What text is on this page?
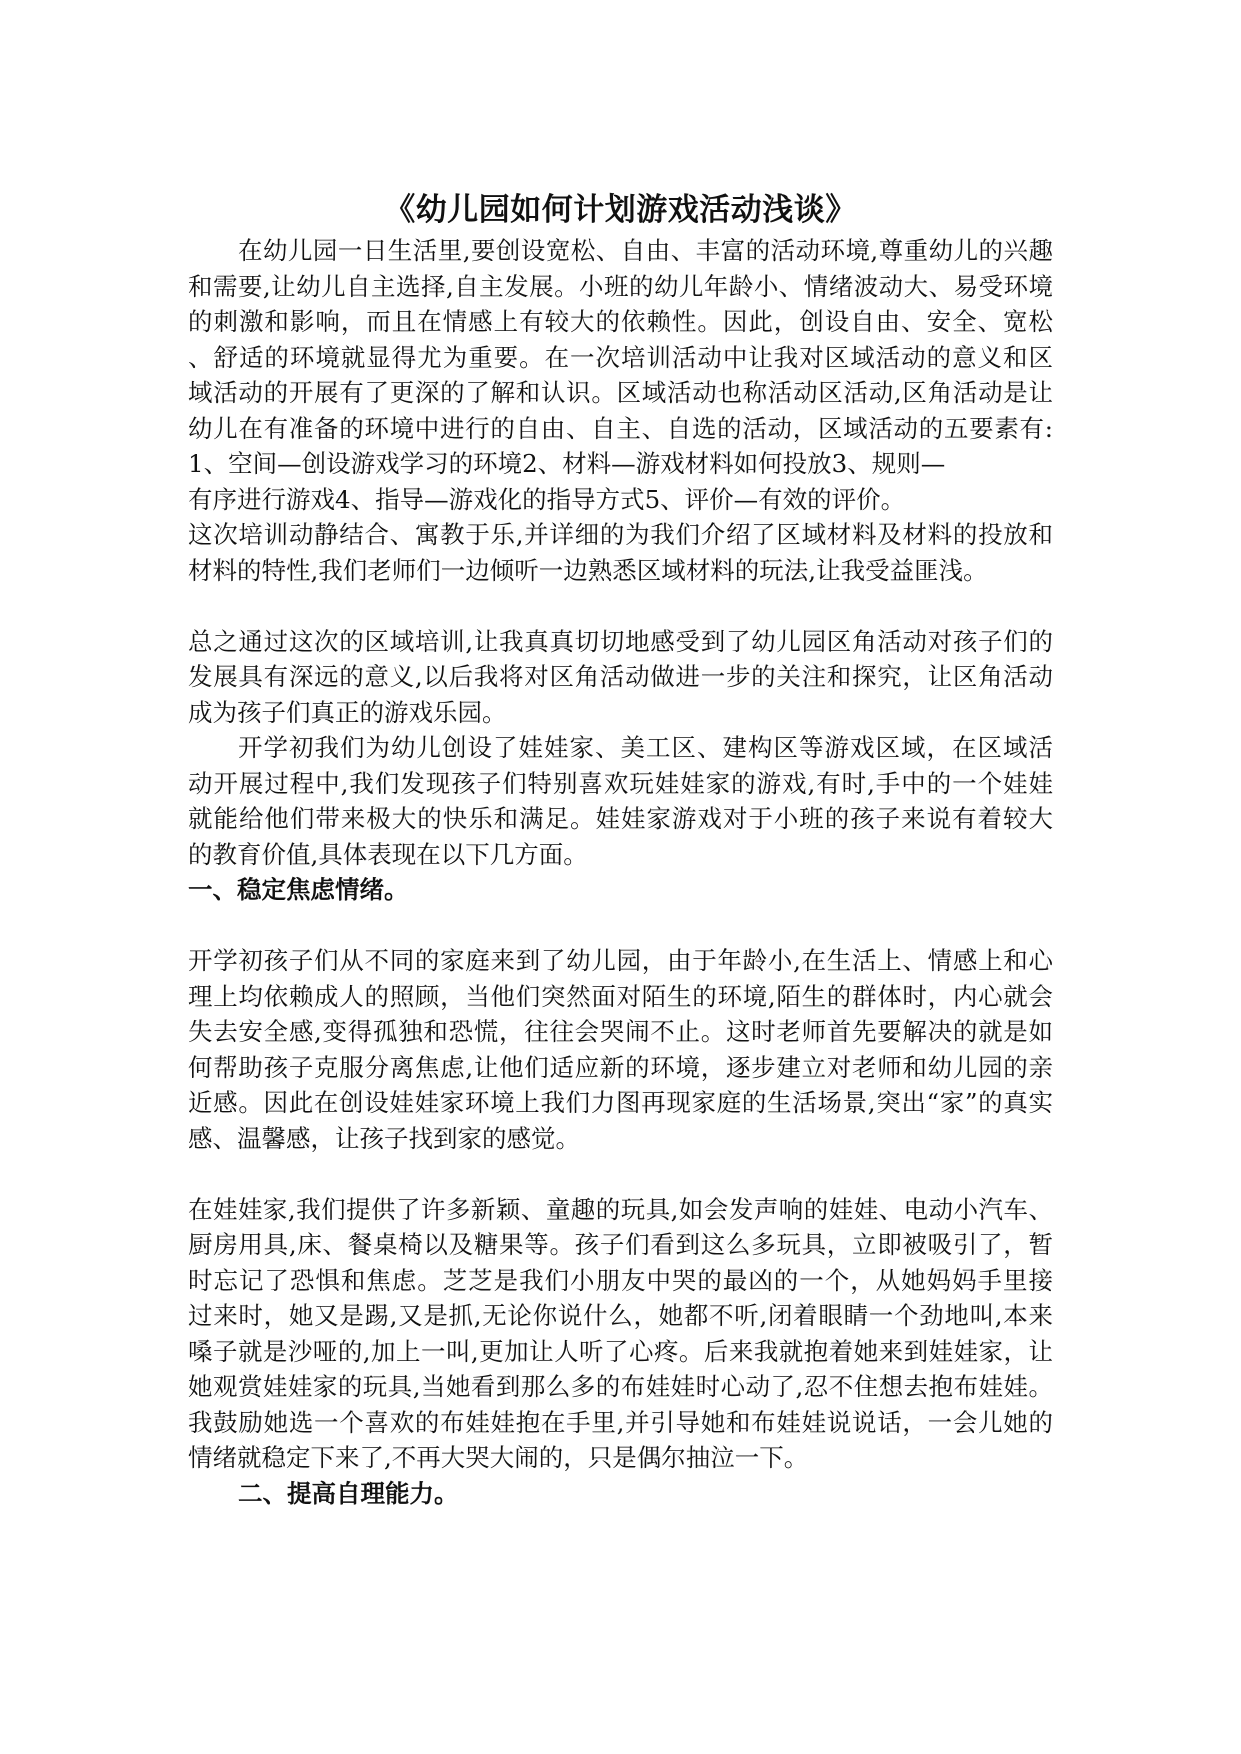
《幼儿园如何计划游戏活动浅谈》
在幼儿园一日生活里,要创设宽松、自由、丰富的活动环境,尊重幼儿的兴趣
和需要,让幼儿自主选择,自主发展。小班的幼儿年龄小、情绪波动大、易受环境
的刺激和影响，而且在情感上有较大的依赖性。因此，创设自由、安全、宽松
、舒适的环境就显得尤为重要。在一次培训活动中让我对区域活动的意义和区
域活动的开展有了更深的了解和认识。区域活动也称活动区活动,区角活动是让
幼儿在有准备的环境中进行的自由、自主、自选的活动，区域活动的五要素有:
1、空间—创设游戏学习的环境2、材料—游戏材料如何投放3、规则—
有序进行游戏4、指导—游戏化的指导方式5、评价—有效的评价。
这次培训动静结合、寓教于乐,并详细的为我们介绍了区域材料及材料的投放和
材料的特性,我们老师们一边倾听一边熟悉区域材料的玩法,让我受益匪浅。
总之通过这次的区域培训,让我真真切切地感受到了幼儿园区角活动对孩子们的
发展具有深远的意义,以后我将对区角活动做进一步的关注和探究，让区角活动
成为孩子们真正的游戏乐园。
开学初我们为幼儿创设了娃娃家、美工区、建构区等游戏区域，在区域活
动开展过程中,我们发现孩子们特别喜欢玩娃娃家的游戏,有时,手中的一个娃娃
就能给他们带来极大的快乐和满足。娃娃家游戏对于小班的孩子来说有着较大
的教育价值,具体表现在以下几方面。
一、稳定焦虑情绪。
开学初孩子们从不同的家庭来到了幼儿园，由于年龄小,在生活上、情感上和心
理上均依赖成人的照顾，当他们突然面对陌生的环境,陌生的群体时，内心就会
失去安全感,变得孤独和恐慌，往往会哭闹不止。这时老师首先要解决的就是如
何帮助孩子克服分离焦虑,让他们适应新的环境，逐步建立对老师和幼儿园的亲
近感。因此在创设娃娃家环境上我们力图再现家庭的生活场景,突出“家”的真实
感、温馨感，让孩子找到家的感觉。
在娃娃家,我们提供了许多新颖、童趣的玩具,如会发声响的娃娃、电动小汽车、
厨房用具,床、餐桌椅以及糖果等。孩子们看到这么多玩具，立即被吸引了，暂
时忘记了恐惧和焦虑。芝芝是我们小朋友中哭的最凶的一个，从她妈妈手里接
过来时，她又是踢,又是抓,无论你说什么，她都不听,闭着眼睛一个劲地叫,本来
嗓子就是沙哑的,加上一叫,更加让人听了心疼。后来我就抱着她来到娃娃家，让
她观赏娃娃家的玩具,当她看到那么多的布娃娃时心动了,忍不住想去抱布娃娃。
我鼓励她选一个喜欢的布娃娃抱在手里,并引导她和布娃娃说说话，一会儿她的
情绪就稳定下来了,不再大哭大闹的，只是偶尔抽泣一下。
二、提高自理能力。
